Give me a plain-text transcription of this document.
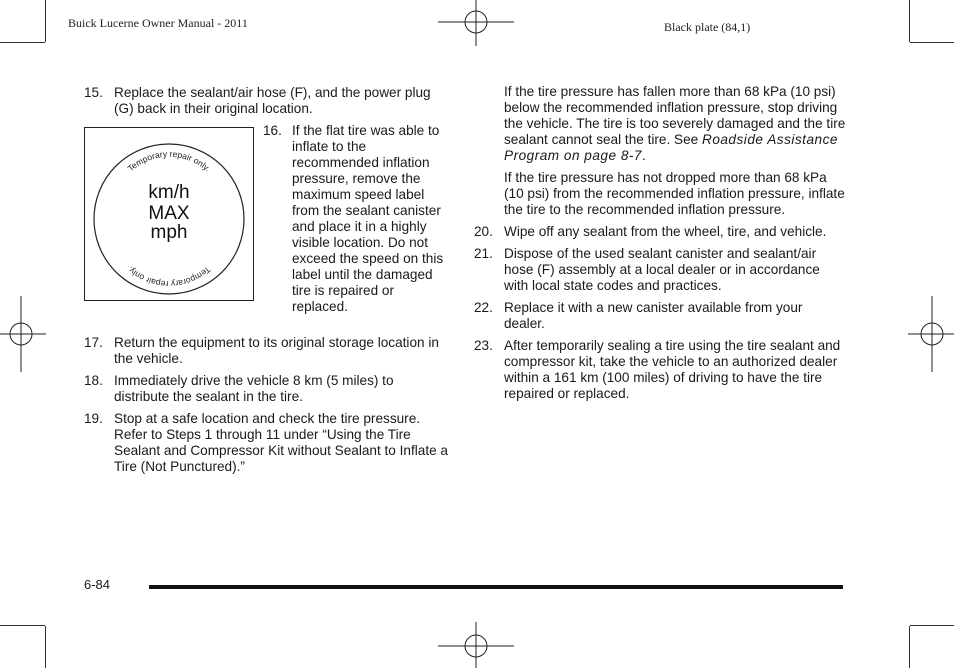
Buick Lucerne Owner Manual - 2011	Black plate (84,1)
15. Replace the sealant/air hose (F), and the power plug (G) back in their original location.
Temporary repair only.
Temporary repair only.
km/h
MAX
mph
16. If the flat tire was able to inflate to the recommended inflation pressure, remove the maximum speed label from the sealant canister and place it in a highly visible location. Do not exceed the speed on this label until the damaged tire is repaired or replaced.
17. Return the equipment to its original storage location in the vehicle.
18. Immediately drive the vehicle 8 km (5 miles) to distribute the sealant in the tire.
19. Stop at a safe location and check the tire pressure. Refer to Steps 1 through 11 under “Using the Tire Sealant and Compressor Kit without Sealant to Inflate a Tire (Not Punctured).”

If the tire pressure has fallen more than 68 kPa (10 psi) below the recommended inflation pressure, stop driving the vehicle. The tire is too severely damaged and the tire sealant cannot seal the tire. See Roadside Assistance Program on page 8-7.

If the tire pressure has not dropped more than 68 kPa (10 psi) from the recommended inflation pressure, inflate the tire to the recommended inflation pressure.

20. Wipe off any sealant from the wheel, tire, and vehicle.
21. Dispose of the used sealant canister and sealant/air hose (F) assembly at a local dealer or in accordance with local state codes and practices.
22. Replace it with a new canister available from your dealer.
23. After temporarily sealing a tire using the tire sealant and compressor kit, take the vehicle to an authorized dealer within a 161 km (100 miles) of driving to have the tire repaired or replaced.
6-84
